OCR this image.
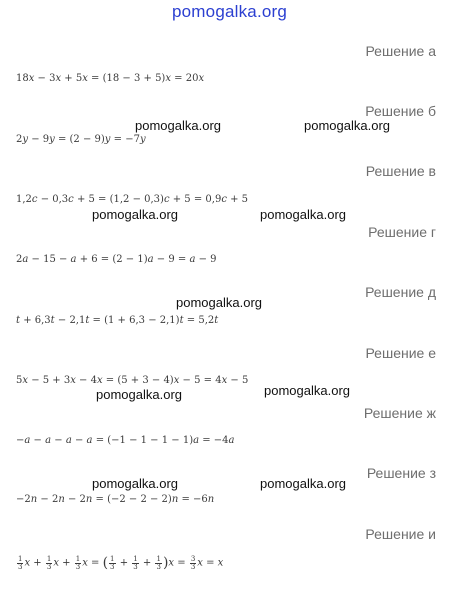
pomogalka.org
Решение а
18x − 3x + 5x = (18 − 3 + 5)x = 20x
Решение б
pomogalka.org	pomogalka.org
2y − 9y = (2 − 9)y = −7y
Решение в
1,2c − 0,3c + 5 = (1,2 − 0,3)c + 5 = 0,9c + 5
pomogalka.org	pomogalka.org
Решение г
2a − 15 − a + 6 = (2 − 1)a − 9 = a − 9
Решение д
pomogalka.org
t + 6,3t − 2,1t = (1 + 6,3 − 2,1)t = 5,2t
Решение е
5x − 5 + 3x − 4x = (5 + 3 − 4)x − 5 = 4x − 5
pomogalka.org
pomogalka.org
Решение ж
−a − a − a − a = (−1 − 1 − 1 − 1)a = −4a
Решение з
pomogalka.org	pomogalka.org
−2n − 2n − 2n = (−2 − 2 − 2)n = −6n
Решение и
$\frac{1}{3}$ $x + \frac{1}{3}$ $x + \frac{1}{3}$ x = ( $\frac{1}{3} + \frac{1}{3} + \frac{1}{3} )x = \frac{3}{3}$ x = x
